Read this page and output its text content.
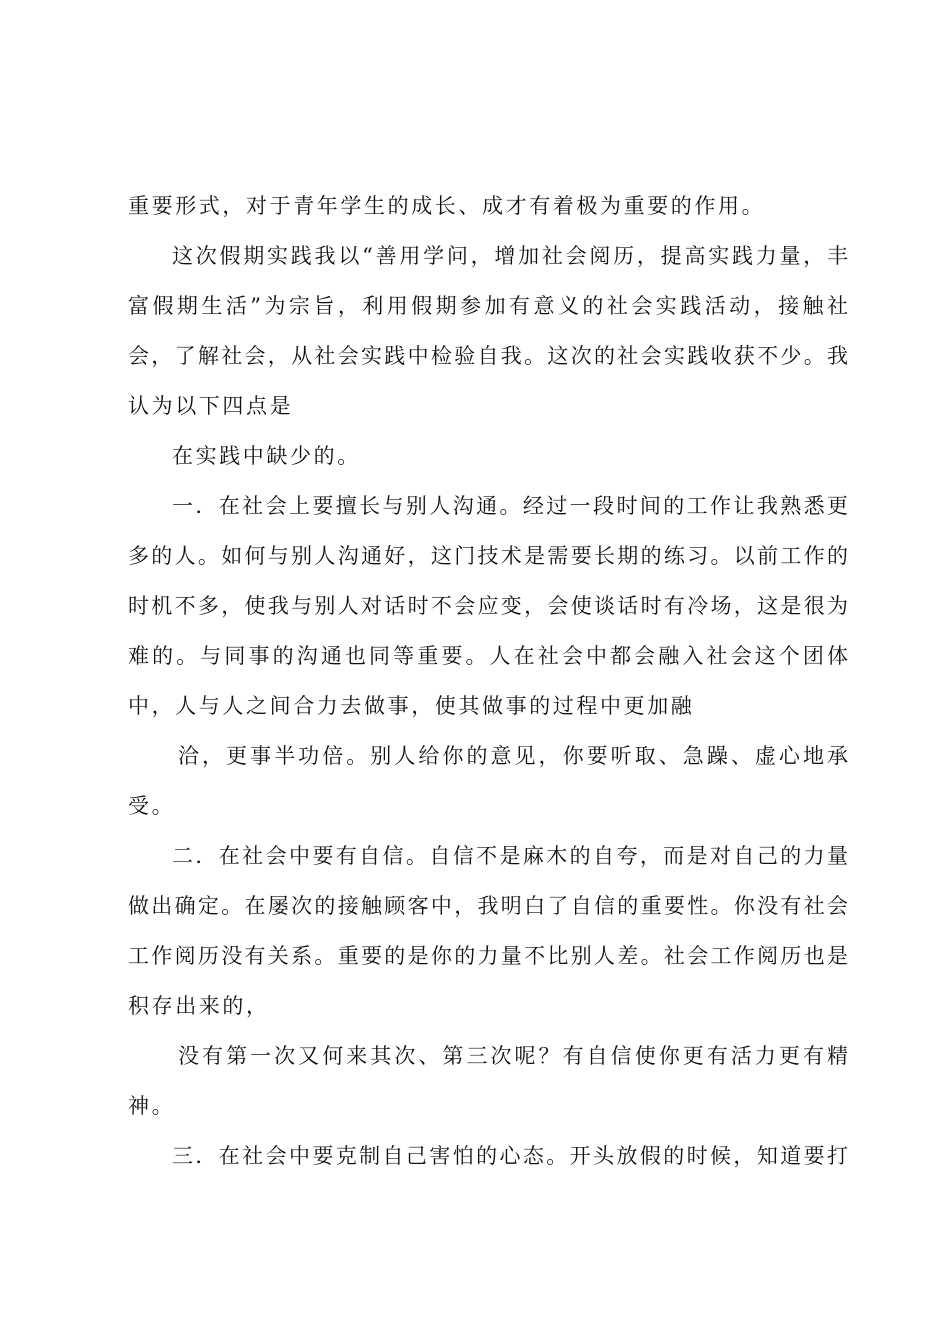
重要形式，对于青年学生的成长、成才有着极为重要的作用。
这次假期实践我以“善用学问，增加社会阅历，提高实践力量，丰
富假期生活”为宗旨，利用假期参加有意义的社会实践活动，接触社
会，了解社会，从社会实践中检验自我。这次的社会实践收获不少。我
认为以下四点是
在实践中缺少的。
一．在社会上要擅长与别人沟通。经过一段时间的工作让我熟悉更
多的人。如何与别人沟通好，这门技术是需要长期的练习。以前工作的
时机不多，使我与别人对话时不会应变，会使谈话时有冷场，这是很为
难的。与同事的沟通也同等重要。人在社会中都会融入社会这个团体
中，人与人之间合力去做事，使其做事的过程中更加融
洽，更事半功倍。别人给你的意见，你要听取、急躁、虚心地承
受。
二．在社会中要有自信。自信不是麻木的自夸，而是对自己的力量
做出确定。在屡次的接触顾客中，我明白了自信的重要性。你没有社会
工作阅历没有关系。重要的是你的力量不比别人差。社会工作阅历也是
积存出来的，
没有第一次又何来其次、第三次呢？有自信使你更有活力更有精
神。
三．在社会中要克制自己害怕的心态。开头放假的时候，知道要打
